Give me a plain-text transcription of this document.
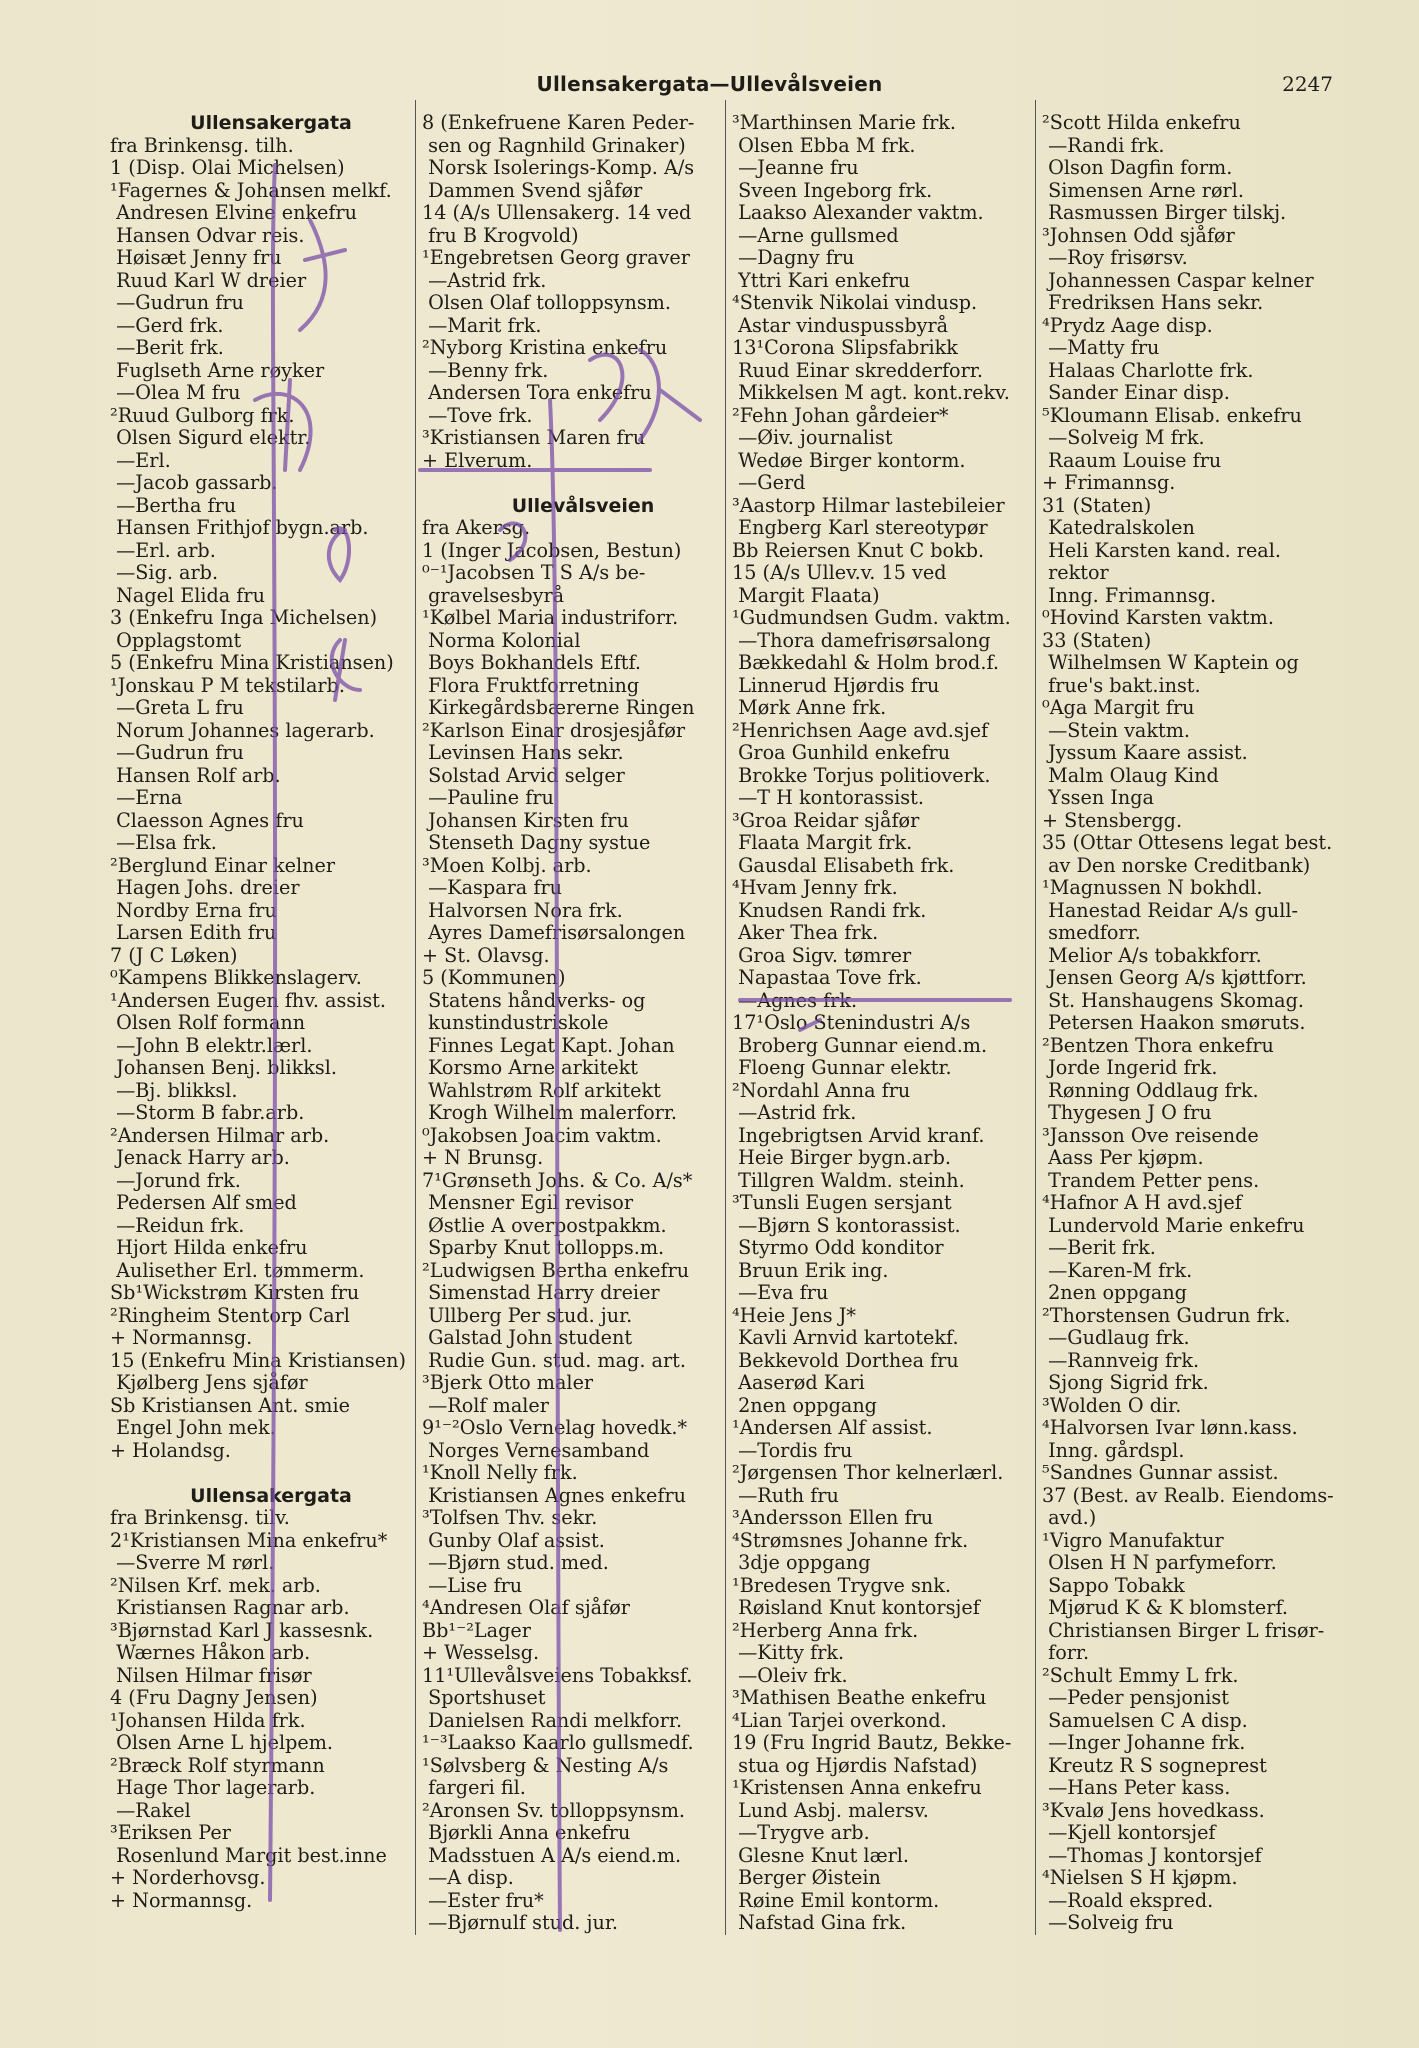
Ullensakergata—Ullevålsveien	2247
Ullensakergata
fra Brinkensg. tilh.
1 (Disp. Olai Michelsen)
¹Fagernes & Johansen melkf.
Andresen Elvine enkefru
Hansen Odvar reis.
Høisæt Jenny fru
Ruud Karl W dreier
—Gudrun fru
—Gerd frk.
—Berit frk.
Fuglseth Arne røyker
—Olea M fru
²Ruud Gulborg frk.
Olsen Sigurd elektr.
—Erl.
—Jacob gassarb.
—Bertha fru
Hansen Frithjof bygn.arb.
—Erl. arb.
—Sig. arb.
Nagel Elida fru
3 (Enkefru Inga Michelsen)
Opplagstomt
5 (Enkefru Mina Kristiansen)
¹Jonskau P M tekstilarb.
—Greta L fru
Norum Johannes lagerarb.
—Gudrun fru
Hansen Rolf arb.
—Erna
Claesson Agnes fru
—Elsa frk.
²Berglund Einar kelner
Hagen Johs. dreier
Nordby Erna fru
Larsen Edith fru
7 (J C Løken)
⁰Kampens Blikkenslagerv.
¹Andersen Eugen fhv. assist.
Olsen Rolf formann
—John B elektr.lærl.
Johansen Benj. blikksl.
—Bj. blikksl.
—Storm B fabr.arb.
²Andersen Hilmar arb.
Jenack Harry arb.
—Jorund frk.
Pedersen Alf smed
—Reidun frk.
Hjort Hilda enkefru
Aulisether Erl. tømmerm.
Sb¹Wickstrøm Kirsten fru
²Ringheim Stentorp Carl
+ Normannsg.
15 (Enkefru Mina Kristiansen)
Kjølberg Jens sjåfør
Sb Kristiansen Ant. smie
Engel John mek.
+ Holandsg.
Ullensakergata
fra Brinkensg. tilv.
2¹Kristiansen Mina enkefru*
—Sverre M rørl.
²Nilsen Krf. mek. arb.
Kristiansen Ragnar arb.
³Bjørnstad Karl J kassesnk.
Wærnes Håkon arb.
Nilsen Hilmar frisør
4 (Fru Dagny Jensen)
¹Johansen Hilda frk.
Olsen Arne L hjelpem.
²Bræck Rolf styrmann
Hage Thor lagerarb.
—Rakel
³Eriksen Per
Rosenlund Margit best.inne
+ Norderhovsg.
+ Normannsg.
8 (Enkefruene Karen Peder-
sen og Ragnhild Grinaker)
Norsk Isolerings-Komp. A/s
Dammen Svend sjåfør
14 (A/s Ullensakerg. 14 ved
fru B Krogvold)
¹Engebretsen Georg graver
—Astrid frk.
Olsen Olaf tolloppsynsm.
—Marit frk.
²Nyborg Kristina enkefru
—Benny frk.
Andersen Tora enkefru
—Tove frk.
³Kristiansen Maren fru
+ Elverum.
Ullevålsveien
fra Akersg.
1 (Inger Jacobsen, Bestun)
⁰⁻¹Jacobsen T S A/s be-
gravelsesbyrå
¹Kølbel Maria industriforr.
Norma Kolonial
Boys Bokhandels Eftf.
Flora Fruktforretning
Kirkegårdsbærerne Ringen
²Karlson Einar drosjesjåfør
Levinsen Hans sekr.
Solstad Arvid selger
—Pauline fru
Johansen Kirsten fru
Stenseth Dagny systue
³Moen Kolbj. arb.
—Kaspara fru
Halvorsen Nora frk.
Ayres Damefrisørsalongen
+ St. Olavsg.
5 (Kommunen)
Statens håndverks- og
kunstindustriskole
Finnes Legat Kapt. Johan
Korsmo Arne arkitekt
Wahlstrøm Rolf arkitekt
Krogh Wilhelm malerforr.
⁰Jakobsen Joacim vaktm.
+ N Brunsg.
7¹Grønseth Johs. & Co. A/s*
Mensner Egil revisor
Østlie A overpostpakkm.
Sparby Knut tollopps.m.
²Ludwigsen Bertha enkefru
Simenstad Harry dreier
Ullberg Per stud. jur.
Galstad John student
Rudie Gun. stud. mag. art.
³Bjerk Otto maler
—Rolf maler
9¹⁻²Oslo Vernelag hovedk.*
Norges Vernesamband
¹Knoll Nelly frk.
Kristiansen Agnes enkefru
³Tolfsen Thv. sekr.
Gunby Olaf assist.
—Bjørn stud. med.
—Lise fru
⁴Andresen Olaf sjåfør
Bb¹⁻²Lager
+ Wesselsg.
11¹Ullevålsveiens Tobakksf.
Sportshuset
Danielsen Randi melkforr.
¹⁻³Laakso Kaarlo gullsmedf.
¹Sølvsberg & Nesting A/s
fargeri fil.
²Aronsen Sv. tolloppsynsm.
Bjørkli Anna enkefru
Madsstuen A A/s eiend.m.
—A disp.
—Ester fru*
—Bjørnulf stud. jur.
³Marthinsen Marie frk.
Olsen Ebba M frk.
—Jeanne fru
Sveen Ingeborg frk.
Laakso Alexander vaktm.
—Arne gullsmed
—Dagny fru
Yttri Kari enkefru
⁴Stenvik Nikolai vindusp.
Astar vinduspussbyrå
13¹Corona Slipsfabrikk
Ruud Einar skredderforr.
Mikkelsen M agt. kont.rekv.
²Fehn Johan gårdeier*
—Øiv. journalist
Wedøe Birger kontorm.
—Gerd
³Aastorp Hilmar lastebileier
Engberg Karl stereotypør
Bb Reiersen Knut C bokb.
15 (A/s Ullev.v. 15 ved
Margit Flaata)
¹Gudmundsen Gudm. vaktm.
—Thora damefrisørsalong
Bækkedahl & Holm brod.f.
Linnerud Hjørdis fru
Mørk Anne frk.
²Henrichsen Aage avd.sjef
Groa Gunhild enkefru
Brokke Torjus politioverk.
—T H kontorassist.
³Groa Reidar sjåfør
Flaata Margit frk.
Gausdal Elisabeth frk.
⁴Hvam Jenny frk.
Knudsen Randi frk.
Aker Thea frk.
Groa Sigv. tømrer
Napastaa Tove frk.
—Agnes frk.
17¹Oslo Stenindustri A/s
Broberg Gunnar eiend.m.
Floeng Gunnar elektr.
²Nordahl Anna fru
—Astrid frk.
Ingebrigtsen Arvid kranf.
Heie Birger bygn.arb.
Tillgren Waldm. steinh.
³Tunsli Eugen sersjant
—Bjørn S kontorassist.
Styrmo Odd konditor
Bruun Erik ing.
—Eva fru
⁴Heie Jens J*
Kavli Arnvid kartotekf.
Bekkevold Dorthea fru
Aaserød Kari
2nen oppgang
¹Andersen Alf assist.
—Tordis fru
²Jørgensen Thor kelnerlærl.
—Ruth fru
³Andersson Ellen fru
⁴Strømsnes Johanne frk.
3dje oppgang
¹Bredesen Trygve snk.
Røisland Knut kontorsjef
²Herberg Anna frk.
—Kitty frk.
—Oleiv frk.
³Mathisen Beathe enkefru
⁴Lian Tarjei overkond.
19 (Fru Ingrid Bautz, Bekke-
stua og Hjørdis Nafstad)
¹Kristensen Anna enkefru
Lund Asbj. malersv.
—Trygve arb.
Glesne Knut lærl.
Berger Øistein
Røine Emil kontorm.
Nafstad Gina frk.
²Scott Hilda enkefru
—Randi frk.
Olson Dagfin form.
Simensen Arne rørl.
Rasmussen Birger tilskj.
³Johnsen Odd sjåfør
—Roy frisørsv.
Johannessen Caspar kelner
Fredriksen Hans sekr.
⁴Prydz Aage disp.
—Matty fru
Halaas Charlotte frk.
Sander Einar disp.
⁵Kloumann Elisab. enkefru
—Solveig M frk.
Raaum Louise fru
+ Frimannsg.
31 (Staten)
Katedralskolen
Heli Karsten kand. real.
rektor
Inng. Frimannsg.
⁰Hovind Karsten vaktm.
33 (Staten)
Wilhelmsen W Kaptein og
frue's bakt.inst.
⁰Aga Margit fru
—Stein vaktm.
Jyssum Kaare assist.
Malm Olaug Kind
Yssen Inga
+ Stensbergg.
35 (Ottar Ottesens legat best.
av Den norske Creditbank)
¹Magnussen N bokhdl.
Hanestad Reidar A/s gull-
smedforr.
Melior A/s tobakkforr.
Jensen Georg A/s kjøttforr.
St. Hanshaugens Skomag.
Petersen Haakon smøruts.
²Bentzen Thora enkefru
Jorde Ingerid frk.
Rønning Oddlaug frk.
Thygesen J O fru
³Jansson Ove reisende
Aass Per kjøpm.
Trandem Petter pens.
⁴Hafnor A H avd.sjef
Lundervold Marie enkefru
—Berit frk.
—Karen-M frk.
2nen oppgang
²Thorstensen Gudrun frk.
—Gudlaug frk.
—Rannveig frk.
Sjong Sigrid frk.
³Wolden O dir.
⁴Halvorsen Ivar lønn.kass.
Inng. gårdspl.
⁵Sandnes Gunnar assist.
37 (Best. av Realb. Eiendoms-
avd.)
¹Vigro Manufaktur
Olsen H N parfymeforr.
Sappo Tobakk
Mjørud K & K blomsterf.
Christiansen Birger L frisør-
forr.
²Schult Emmy L frk.
—Peder pensjonist
Samuelsen C A disp.
—Inger Johanne frk.
Kreutz R S sogneprest
—Hans Peter kass.
³Kvalø Jens hovedkass.
—Kjell kontorsjef
—Thomas J kontorsjef
⁴Nielsen S H kjøpm.
—Roald ekspred.
—Solveig fru
